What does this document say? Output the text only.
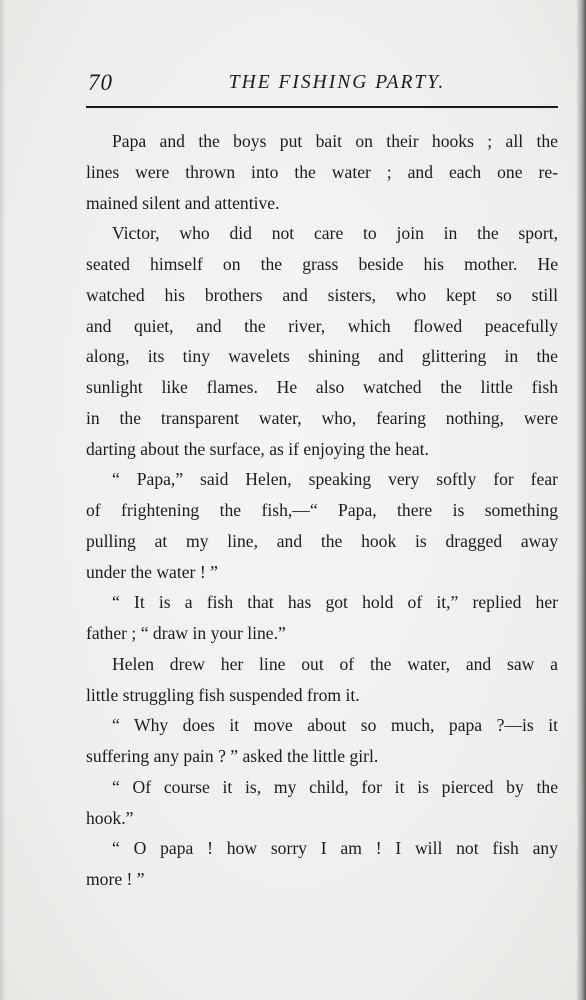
70	THE FISHING PARTY.
Papa and the boys put bait on their hooks ; all the
lines were thrown into the water ; and each one re-
mained silent and attentive.
Victor, who did not care to join in the sport,
seated himself on the grass beside his mother. He
watched his brothers and sisters, who kept so still
and quiet, and the river, which flowed peacefully
along, its tiny wavelets shining and glittering in the
sunlight like flames. He also watched the little fish
in the transparent water, who, fearing nothing, were
darting about the surface, as if enjoying the heat.
“ Papa,” said Helen, speaking very softly for fear
of frightening the fish,—“ Papa, there is something
pulling at my line, and the hook is dragged away
under the water ! ”
“ It is a fish that has got hold of it,” replied her
father ; “ draw in your line.”
Helen drew her line out of the water, and saw a
little struggling fish suspended from it.
“ Why does it move about so much, papa ?—is it
suffering any pain ? ” asked the little girl.
“ Of course it is, my child, for it is pierced by the
hook.”
“ O papa ! how sorry I am ! I will not fish any
more ! ”
